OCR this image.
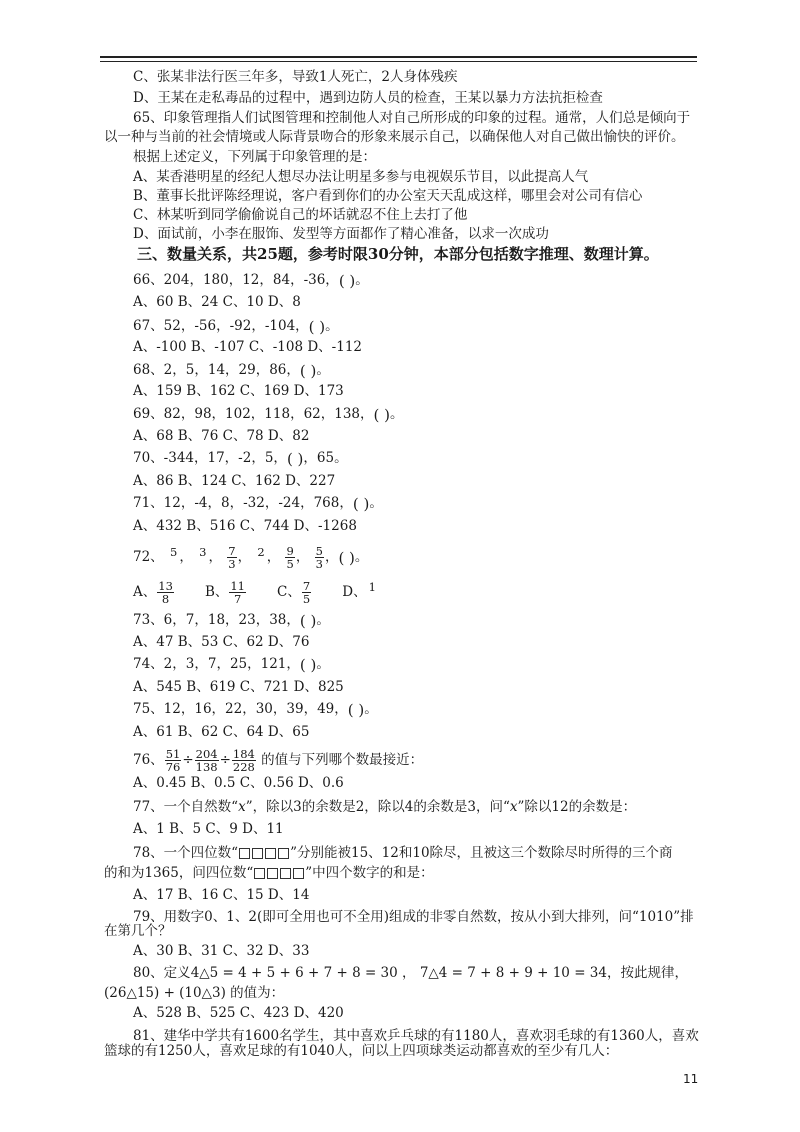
C、张某非法行医三年多，导致1人死亡，2人身体残疾
D、王某在走私毒品的过程中，遇到边防人员的检查，王某以暴力方法抗拒检查
65、印象管理指人们试图管理和控制他人对自己所形成的印象的过程。通常，人们总是倾向于
以一种与当前的社会情境或人际背景吻合的形象来展示自己，以确保他人对自己做出愉快的评价。
根据上述定义，下列属于印象管理的是：
A、某香港明星的经纪人想尽办法让明星多参与电视娱乐节目，以此提高人气
B、董事长批评陈经理说，客户看到你们的办公室天天乱成这样，哪里会对公司有信心
C、林某听到同学偷偷说自己的坏话就忍不住上去打了他
D、面试前，小李在服饰、发型等方面都作了精心准备，以求一次成功
三、数量关系，共25题，参考时限30分钟，本部分包括数字推理、数理计算。
66、204，180，12，84，-36，( )。
A、60 B、24 C、10 D、8
67、52，-56，-92，-104，( )。
A、-100 B、-107 C、-108 D、-112
68、2，5，14，29，86，( )。
A、159 B、162 C、169 D、173
69、82，98，102，118，62，138，( )。
A、68 B、76 C、78 D、82
70、-344，17，-2，5，( )，65。
A、86 B、124 C、162 D、227
71、12，-4，8，-32，-24，768，( )。
A、432 B、516 C、744 D、-1268
72、 5
， 3
， $\frac{7}{3}$ ， 2
， $\frac{9}{5}$ ， $\frac{5}{3}$ ，( )。
A、 $\frac{13}{8}$ B、 $\frac{11}{7}$ C、 $\frac{7}{5}$ D、 1

73、6，7，18，23，38，( )。
A、47 B、53 C、62 D、76
74、2，3，7，25，121，( )。
A、545 B、619 C、721 D、825
75、12，16，22，30，39，49，( )。
A、61 B、62 C、64 D、65
76、 $\frac{51}{76} \div \frac{204}{138} \div \frac{184}{228}$ 的值与下列哪个数最接近：
A、0.45 B、0.5 C、0.56 D、0.6
77、一个自然数“x”，除以3的余数是2，除以4的余数是3，问“x”除以12的余数是：
A、1 B、5 C、9 D、11
78、一个四位数“	”分别能被15、12和10除尽，且被这三个数除尽时所得的三个商
的和为1365，问四位数“	”中四个数字的和是：
A、17 B、16 C、15 D、14
79、用数字0、1、2(即可全用也可不全用)组成的非零自然数，按从小到大排列，问“1010”排
在第几个？
A、30 B、31 C、32 D、33
80、定义4△5 = 4 + 5 + 6 + 7 + 8 = 30 ， 7△4 = 7 + 8 + 9 + 10 = 34，按此规律，
(26△15) + (10△3) 的值为：
A、528 B、525 C、423 D、420
81、建华中学共有1600名学生，其中喜欢乒乓球的有1180人，喜欢羽毛球的有1360人，喜欢
篮球的有1250人，喜欢足球的有1040人，问以上四项球类运动都喜欢的至少有几人：
11
